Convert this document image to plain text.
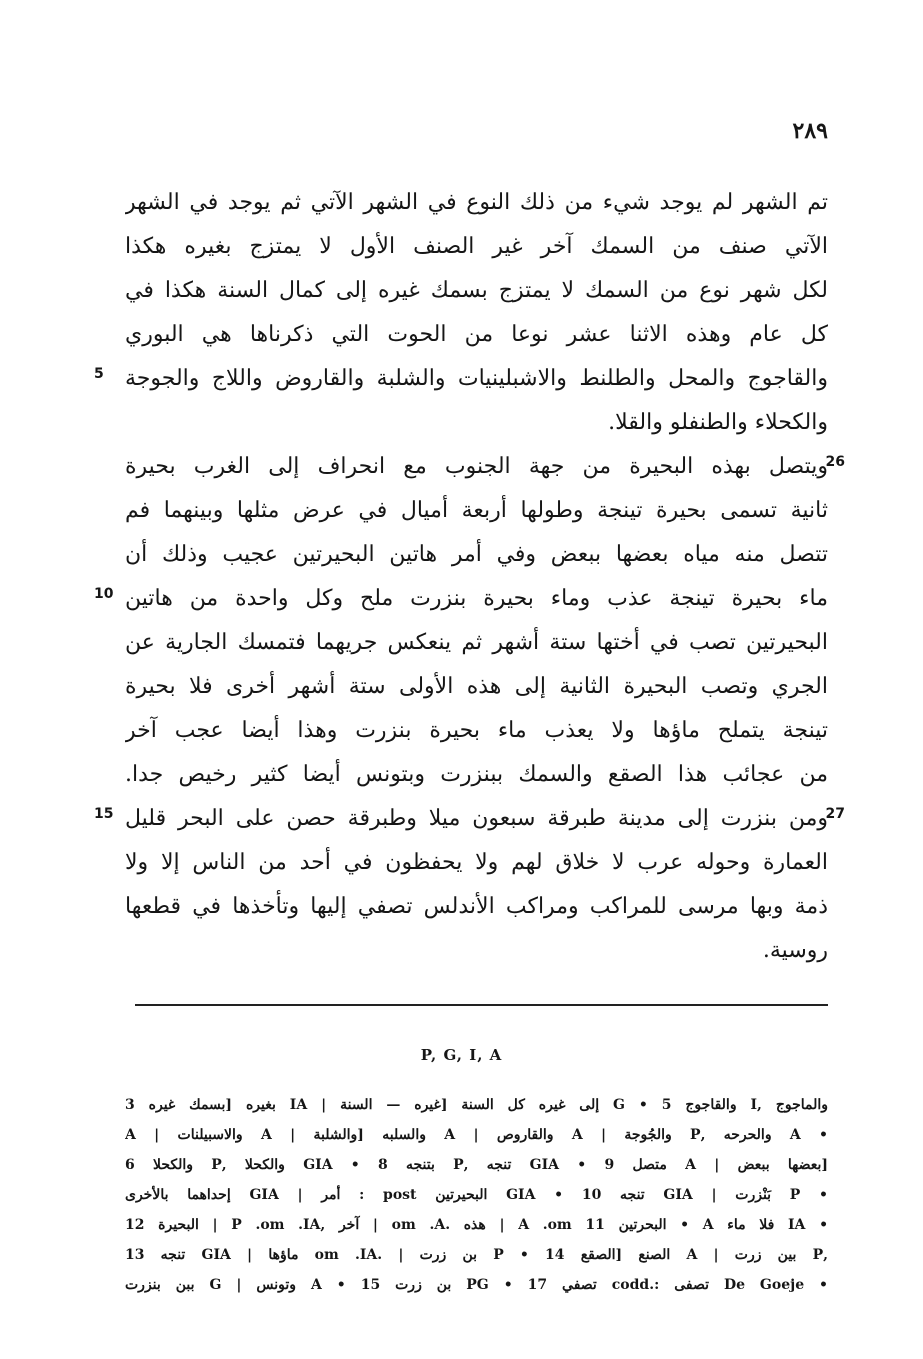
٢٨٩
تم الشهر لم يوجد شيء من ذلك النوع في الشهر الآتي ثم يوجد في الشهر
الآتي صنف من السمك آخر غير الصنف الأول لا يمتزج بغيره هكذا
لكل شهر نوع من السمك لا يمتزج بسمك غيره إلى كمال السنة هكذا في
كل عام وهذه الاثنا عشر نوعا من الحوت التي ذكرناها هي البوري
والقاجوج والمحل والطلنط والاشبلينيات والشلبة والقاروض واللاج والجوجة
والكحلاء والطنفلو والقلا.
ويتصل بهذه البحيرة من جهة الجنوب مع انحراف إلى الغرب بحيرة
ثانية تسمى بحيرة تينجة وطولها أربعة أميال في عرض مثلها وبينهما فم
تتصل منه مياه بعضها ببعض وفي أمر هاتين البحيرتين عجيب وذلك أن
ماء بحيرة تينجة عذب وماء بحيرة بنزرت ملح وكل واحدة من هاتين
البحيرتين تصب في أختها ستة أشهر ثم ينعكس جريهما فتمسك الجارية عن
الجري وتصب البحيرة الثانية إلى هذه الأولى ستة أشهر أخرى فلا بحيرة
تينجة يتملح ماؤها ولا يعذب ماء بحيرة بنزرت وهذا أيضا عجب آخر
من عجائب هذا الصقع والسمك ببنزرت وبتونس أيضا كثير رخيص جدا.
ومن بنزرت إلى مدينة طبرقة سبعون ميلا وطبرقة حصن على البحر قليل
العمارة وحوله عرب لا خلاق لهم ولا يحفظون في أحد من الناس إلا ولا
ذمة وبها مرسى للمراكب ومراكب الأندلس تصفي إليها وتأخذها في قطعها
روسية.
5
10
15
26
27
P, G, I, A
والماجوج ,I والقاجوج 5 • G إلى غيره كل السنة [غيره — السنة | IA بغيره [بسمك غيره 3
• A والحرحه ,P والجُوجة | A والقاروص | A والسلبه [والشلبة | A والاسبيلنات | A
[بعضها ببعض | A متصل 9 • GIA تنجه ,P بتنجه 8 • GIA والكحلا ,P والكحلا 6
• P بَنْزرت | GIA تنجه 10 • GIA البحيرتين post : أمر | GIA إحداهما بالأخرى
• IA فلا ماء A • البحرتين 11 A .om | هذه .om .A | آخر ,P .om .IA | البحيرة 12
,P بين زرت | A الصنع [الصقع 14 • P بن زرت | .om .IA ماؤها | GIA تنجه 13
• De Goeje تصفى :.codd تصفي 17 • PG بن زرت 15 • A وتونس | G ببن بنزرت
